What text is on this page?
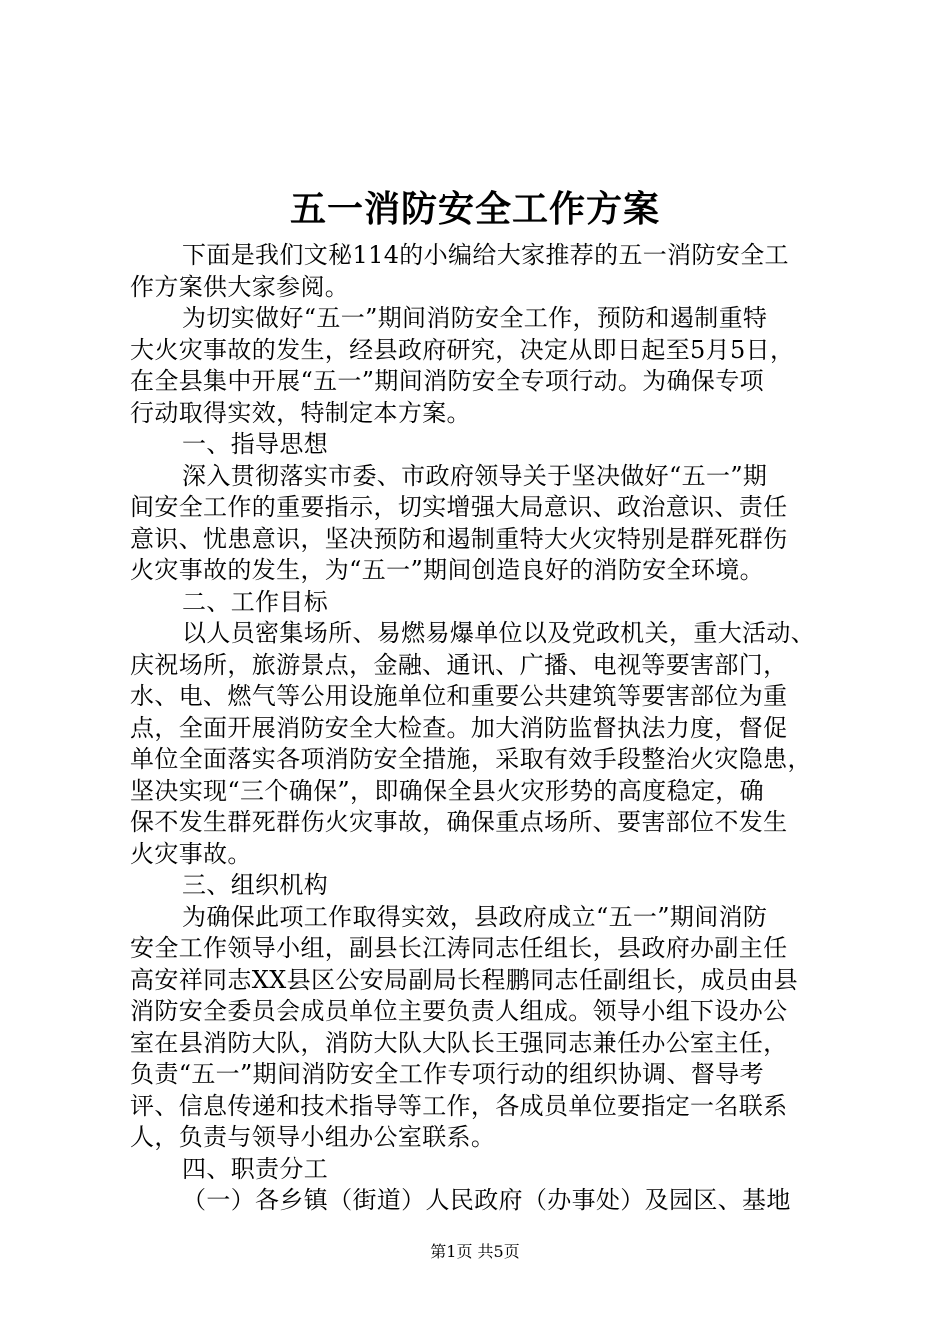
五一消防安全工作方案
下面是我们文秘114的小编给大家推荐的五一消防安全工
作方案供大家参阅。
为切实做好“五一”期间消防安全工作，预防和遏制重特
大火灾事故的发生，经县政府研究，决定从即日起至5月5日，
在全县集中开展“五一”期间消防安全专项行动。为确保专项
行动取得实效，特制定本方案。
一、指导思想
深入贯彻落实市委、市政府领导关于坚决做好“五一”期
间安全工作的重要指示，切实增强大局意识、政治意识、责任
意识、忧患意识，坚决预防和遏制重特大火灾特别是群死群伤
火灾事故的发生，为“五一”期间创造良好的消防安全环境。
二、工作目标
以人员密集场所、易燃易爆单位以及党政机关，重大活动、
庆祝场所，旅游景点，金融、通讯、广播、电视等要害部门，
水、电、燃气等公用设施单位和重要公共建筑等要害部位为重
点，全面开展消防安全大检查。加大消防监督执法力度，督促
单位全面落实各项消防安全措施，采取有效手段整治火灾隐患，
坚决实现“三个确保”，即确保全县火灾形势的高度稳定，确
保不发生群死群伤火灾事故，确保重点场所、要害部位不发生
火灾事故。
三、组织机构
为确保此项工作取得实效，县政府成立“五一”期间消防
安全工作领导小组，副县长江涛同志任组长，县政府办副主任
高安祥同志XX县区公安局副局长程鹏同志任副组长，成员由县
消防安全委员会成员单位主要负责人组成。领导小组下设办公
室在县消防大队，消防大队大队长王强同志兼任办公室主任，
负责“五一”期间消防安全工作专项行动的组织协调、督导考
评、信息传递和技术指导等工作，各成员单位要指定一名联系
人，负责与领导小组办公室联系。
四、职责分工
（一）各乡镇（街道）人民政府（办事处）及园区、基地
第1页 共5页
